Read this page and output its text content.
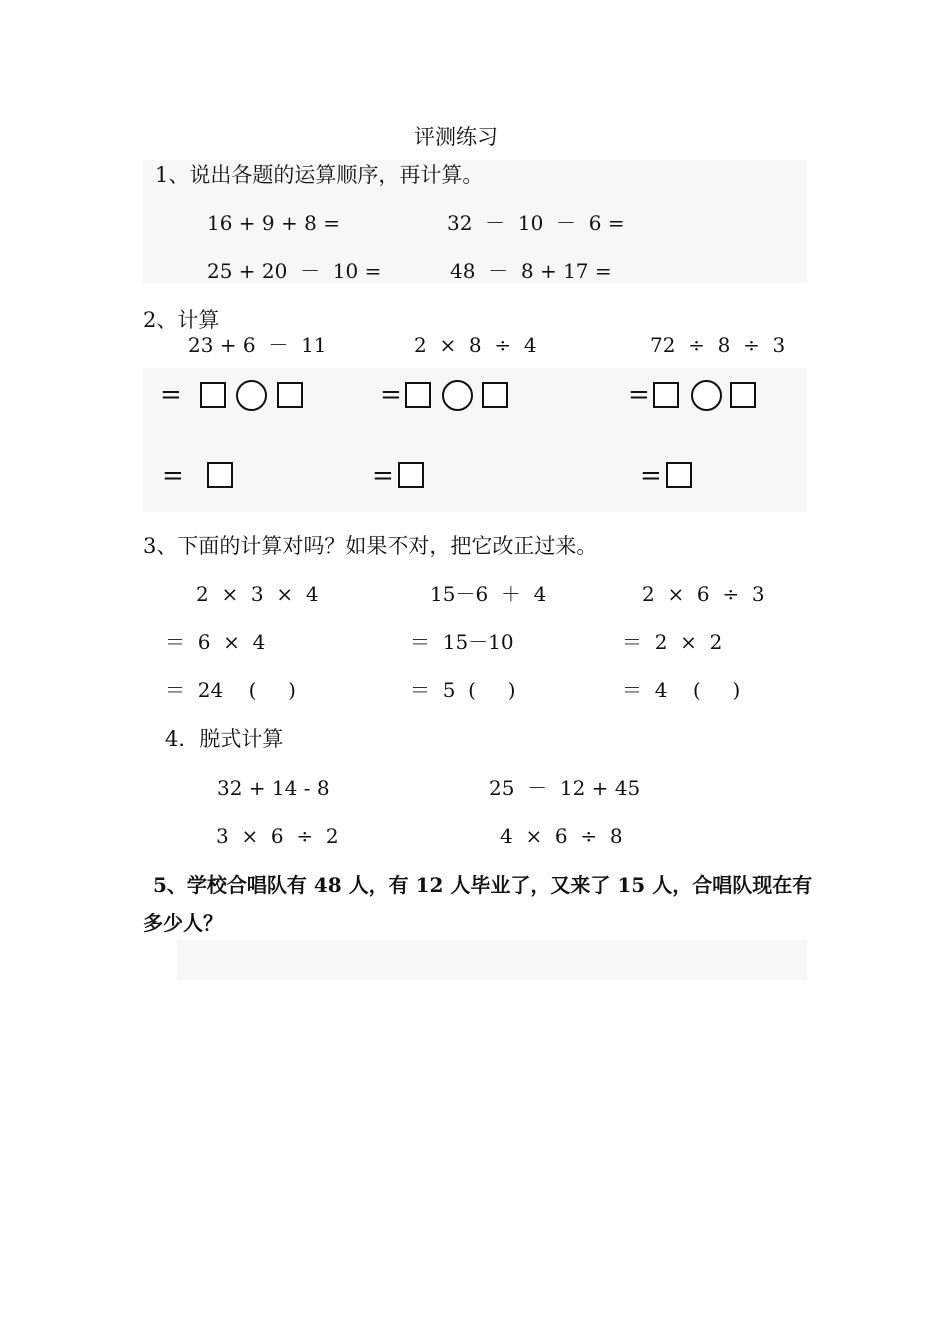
评测练习
1、说出各题的运算顺序，再计算。
16 + 9 + 8 =	32  －  10  －  6 =
25 + 20  －  10 =	48  －  8 + 17 =
2、计算
23 + 6  －  11	2  ×  8  ÷  4	72  ÷  8  ÷  3
=	=	=
=	=	=
3、下面的计算对吗？如果不对，把它改正过来。
2  ×  3  ×  4	15－6  ＋  4	2  ×  6  ÷  3
＝  6  ×  4	＝  15－10	＝  2  ×  2
＝  24    (     )	＝  5  (     )	＝  4    (     )
4．脱式计算
32 + 14 - 8	25  －  12 + 45
3  ×  6  ÷  2	4  ×  6  ÷  8
5、学校合唱队有 48 人，有 12 人毕业了，又来了 15 人，合唱队现在有
多少人？
